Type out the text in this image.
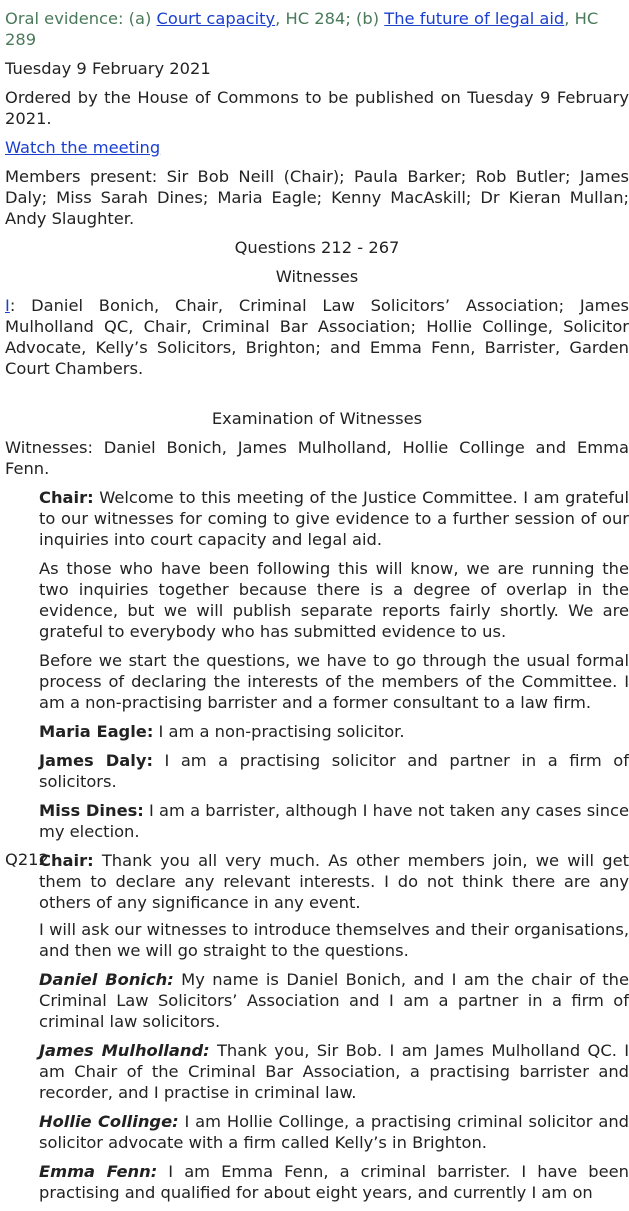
Oral evidence: (a) Court capacity, HC 284; (b) The future of legal aid, HC 289

Tuesday 9 February 2021

Ordered by the House of Commons to be published on Tuesday 9 February 2021.

Watch the meeting

Members present: Sir Bob Neill (Chair); Paula Barker; Rob Butler; James Daly; Miss Sarah Dines; Maria Eagle; Kenny MacAskill; Dr Kieran Mullan; Andy Slaughter.

Questions 212 - 267

Witnesses

I: Daniel Bonich, Chair, Criminal Law Solicitors’ Association; James Mulholland QC, Chair, Criminal Bar Association; Hollie Collinge, Solicitor Advocate, Kelly’s Solicitors, Brighton; and Emma Fenn, Barrister, Garden Court Chambers.

Examination of Witnesses

Witnesses: Daniel Bonich, James Mulholland, Hollie Collinge and Emma Fenn.

Chair: Welcome to this meeting of the Justice Committee. I am grateful to our witnesses for coming to give evidence to a further session of our inquiries into court capacity and legal aid.

As those who have been following this will know, we are running the two inquiries together because there is a degree of overlap in the evidence, but we will publish separate reports fairly shortly. We are grateful to everybody who has submitted evidence to us.

Before we start the questions, we have to go through the usual formal process of declaring the interests of the members of the Committee. I am a non-practising barrister and a former consultant to a law firm.

Maria Eagle: I am a non-practising solicitor.

James Daly: I am a practising solicitor and partner in a firm of solicitors.

Miss Dines: I am a barrister, although I have not taken any cases since my election.

Q212

Chair: Thank you all very much. As other members join, we will get them to declare any relevant interests. I do not think there are any others of any significance in any event.

I will ask our witnesses to introduce themselves and their organisations, and then we will go straight to the questions.

Daniel Bonich: My name is Daniel Bonich, and I am the chair of the Criminal Law Solicitors’ Association and I am a partner in a firm of criminal law solicitors.

James Mulholland: Thank you, Sir Bob. I am James Mulholland QC. I am Chair of the Criminal Bar Association, a practising barrister and recorder, and I practise in criminal law.

Hollie Collinge: I am Hollie Collinge, a practising criminal solicitor and solicitor advocate with a firm called Kelly’s in Brighton.

Emma Fenn: I am Emma Fenn, a criminal barrister. I have been practising and qualified for about eight years, and currently I am on
